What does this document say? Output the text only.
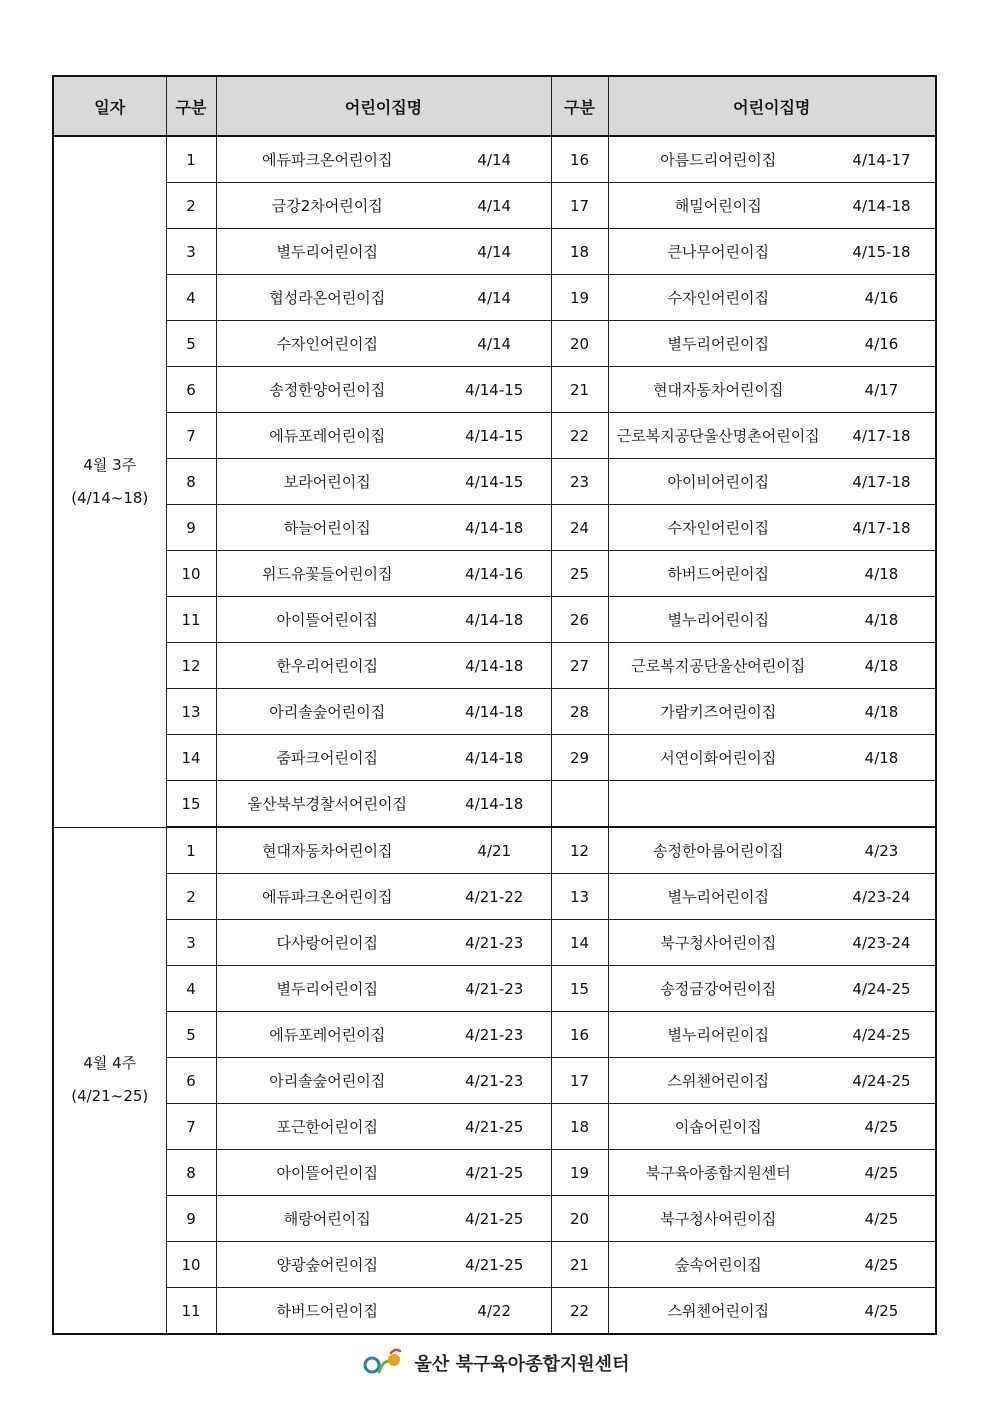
일자	구분	어린이집명		구분	어린이집명	

4월 3주
(4/14~18)	1	에듀파크온어린이집	4/14	16	아름드리어린이집	4/14-17
	2	금강2차어린이집	4/14	17	해밀어린이집	4/14-18
	3	별두리어린이집	4/14	18	큰나무어린이집	4/15-18
	4	협성라온어린이집	4/14	19	수자인어린이집	4/16
	5	수자인어린이집	4/14	20	별두리어린이집	4/16
	6	송정한양어린이집	4/14-15	21	현대자동차어린이집	4/17
	7	에듀포레어린이집	4/14-15	22	근로복지공단울산명촌어린이집	4/17-18
	8	보라어린이집	4/14-15	23	아이비어린이집	4/17-18
	9	하늘어린이집	4/14-18	24	수자인어린이집	4/17-18
	10	위드유꽃들어린이집	4/14-16	25	하버드어린이집	4/18
	11	아이뜰어린이집	4/14-18	26	별누리어린이집	4/18
	12	한우리어린이집	4/14-18	27	근로복지공단울산어린이집	4/18
	13	아리솔숲어린이집	4/14-18	28	가람키즈어린이집	4/18
	14	줌파크어린이집	4/14-18	29	서연이화어린이집	4/18
	15	울산북부경찰서어린이집	4/14-18			

4월 4주
(4/21~25)	1	현대자동차어린이집	4/21	12	송정한아름어린이집	4/23
	2	에듀파크온어린이집	4/21-22	13	별누리어린이집	4/23-24
	3	다사랑어린이집	4/21-23	14	북구청사어린이집	4/23-24
	4	별두리어린이집	4/21-23	15	송정금강어린이집	4/24-25
	5	에듀포레어린이집	4/21-23	16	별누리어린이집	4/24-25
	6	아리솔숲어린이집	4/21-23	17	스위첸어린이집	4/24-25
	7	포근한어린이집	4/21-25	18	이솝어린이집	4/25
	8	아이뜰어린이집	4/21-25	19	북구육아종합지원센터	4/25
	9	해랑어린이집	4/21-25	20	북구청사어린이집	4/25
	10	양광숲어린이집	4/21-25	21	숲속어린이집	4/25
	11	하버드어린이집	4/22	22	스위첸어린이집	4/25
울산 북구육아종합지원센터
